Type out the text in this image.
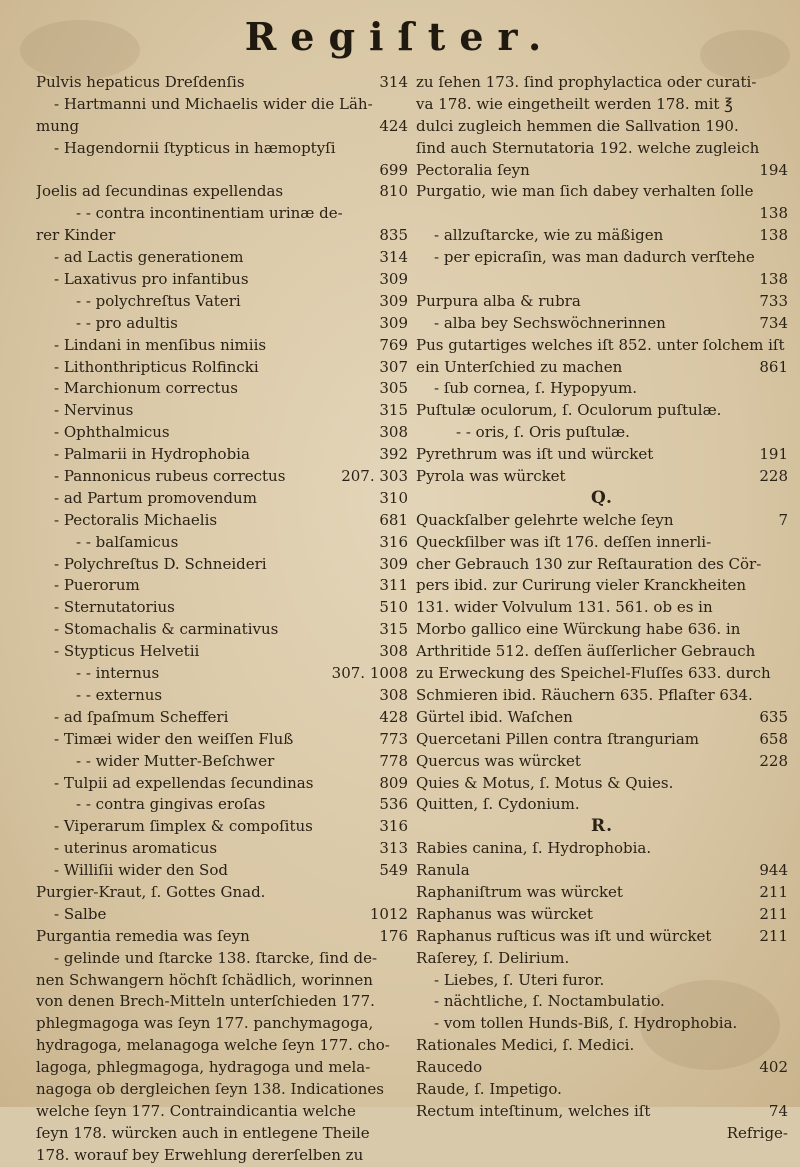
Regiſter.
Pulvis hepaticus Dreſdenſis	314
- Hartmanni und Michaelis wider die Läh-
mung	424
- Hagendornii ſtypticus in hæmoptyſi
699
Joelis ad ſecundinas expellendas	810
- - contra incontinentiam urinæ de-
rer Kinder	835
- ad Lactis generationem	314
- Laxativus pro infantibus	309
- - polychreſtus Vateri	309
- - pro adultis	309
- Lindani in menſibus nimiis	769
- Lithonthripticus Rolfincki	307
- Marchionum correctus	305
- Nervinus	315
- Ophthalmicus	308
- Palmarii in Hydrophobia	392
- Pannonicus rubeus correctus	207. 303
- ad Partum promovendum	310
- Pectoralis Michaelis	681
- - balſamicus	316
- Polychreſtus D. Schneideri	309
- Puerorum	311
- Sternutatorius	510
- Stomachalis & carminativus	315
- Stypticus Helvetii	308
- - internus	307. 1008
- - externus	308
- ad ſpaſmum Schefferi	428
- Timæi wider den weiſſen Fluß	773
- - wider Mutter-Beſchwer	778
- Tulpii ad expellendas ſecundinas	809
- - contra gingivas eroſas	536
- Viperarum ſimplex & compoſitus	316
- uterinus aromaticus	313
- Williſii wider den Sod	549
Purgier-Kraut, ſ. Gottes Gnad.
- Salbe	1012
Purgantia remedia was ſeyn	176
- gelinde und ſtarcke 138. ſtarcke, ſind de-
nen Schwangern höchſt ſchädlich, worinnen
von denen Brech-Mitteln unterſchieden 177.
phlegmagoga was ſeyn 177. panchymagoga,
hydragoga, melanagoga welche ſeyn 177. cho-
lagoga, phlegmagoga, hydragoga und mela-
nagoga ob dergleichen ſeyn 138. Indicationes
welche ſeyn 177. Contraindicantia welche
ſeyn 178. würcken auch in entlegene Theile
178. worauf bey Erwehlung dererſelben zu
zu ſehen 173. ſind prophylactica oder curati-
va 178. wie eingetheilt werden 178. mit ℥
dulci zugleich hemmen die Sallvation 190.
ſind auch Sternutatoria 192. welche zugleich
Pectoralia ſeyn	194
Purgatio, wie man ſich dabey verhalten ſolle
138
- allzuſtarcke, wie zu mäßigen	138
- per epicraſin, was man dadurch verſtehe
138
Purpura alba & rubra	733
- alba bey Sechswöchnerinnen	734
Pus gutartiges welches iſt 852. unter ſolchem iſt
ein Unterſchied zu machen	861
- ſub cornea, ſ. Hypopyum.
Puſtulæ oculorum, ſ. Oculorum puſtulæ.
- - oris, ſ. Oris puſtulæ.
Pyrethrum was iſt und würcket	191
Pyrola was würcket	228
Q.
Quackſalber gelehrte welche ſeyn	7
Queckſilber was iſt 176. deſſen innerli-
cher Gebrauch 130 zur Reſtauration des Cör-
pers ibid. zur Curirung vieler Kranckheiten
131. wider Volvulum 131. 561. ob es in
Morbo gallico eine Würckung habe 636. in
Arthritide 512. deſſen äuſſerlicher Gebrauch
zu Erweckung des Speichel-Fluſſes 633. durch
Schmieren ibid. Räuchern 635. Pflaſter 634.
Gürtel ibid. Waſchen	635
Quercetani Pillen contra ſtranguriam	658
Quercus was würcket	228
Quies & Motus, ſ. Motus & Quies.
Quitten, ſ. Cydonium.
R.
Rabies canina, ſ. Hydrophobia.
Ranula	944
Raphaniſtrum was würcket	211
Raphanus was würcket	211
Raphanus ruſticus was iſt und würcket	211
Raſerey, ſ. Delirium.
- Liebes, ſ. Uteri furor.
- nächtliche, ſ. Noctambulatio.
- vom tollen Hunds-Biß, ſ. Hydrophobia.
Rationales Medici, ſ. Medici.
Raucedo	402
Raude, ſ. Impetigo.
Rectum inteſtinum, welches iſt	74
Refrige-
